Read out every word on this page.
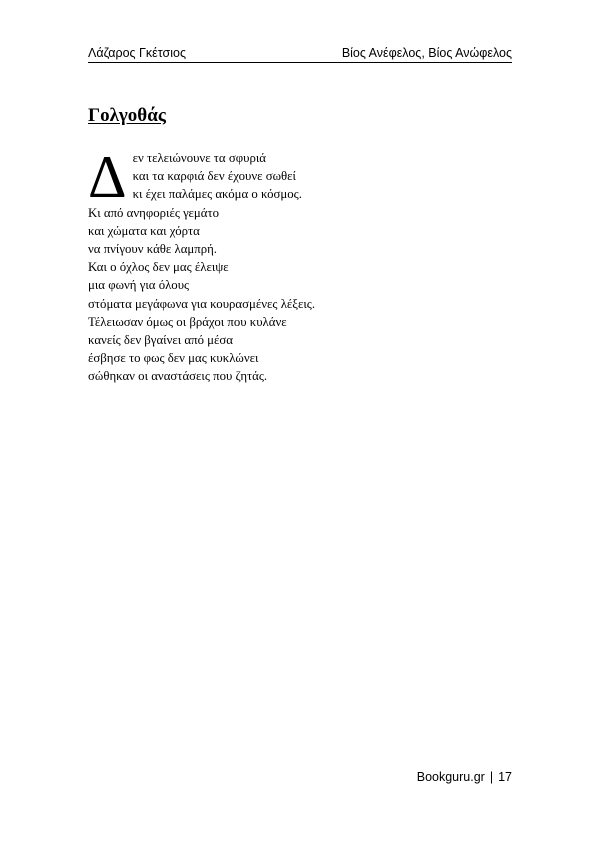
Λάζαρος Γκέτσιος	Βίος Ανέφελος, Βίος Ανώφελος
Γολγοθάς
Δ εν τελειώνουνε τα σφυριά
και τα καρφιά δεν έχουνε σωθεί
κι έχει παλάμες ακόμα ο κόσμος.
Κι από ανηφοριές γεμάτο
και χώματα και χόρτα
να πνίγουν κάθε λαμπρή.
Και ο όχλος δεν μας έλειψε
μια φωνή για όλους
στόματα μεγάφωνα για κουρασμένες λέξεις.
Τέλειωσαν όμως οι βράχοι που κυλάνε
κανείς δεν βγαίνει από μέσα
έσβησε το φως δεν μας κυκλώνει
σώθηκαν οι αναστάσεις που ζητάς.
Bookguru.gr | 17
